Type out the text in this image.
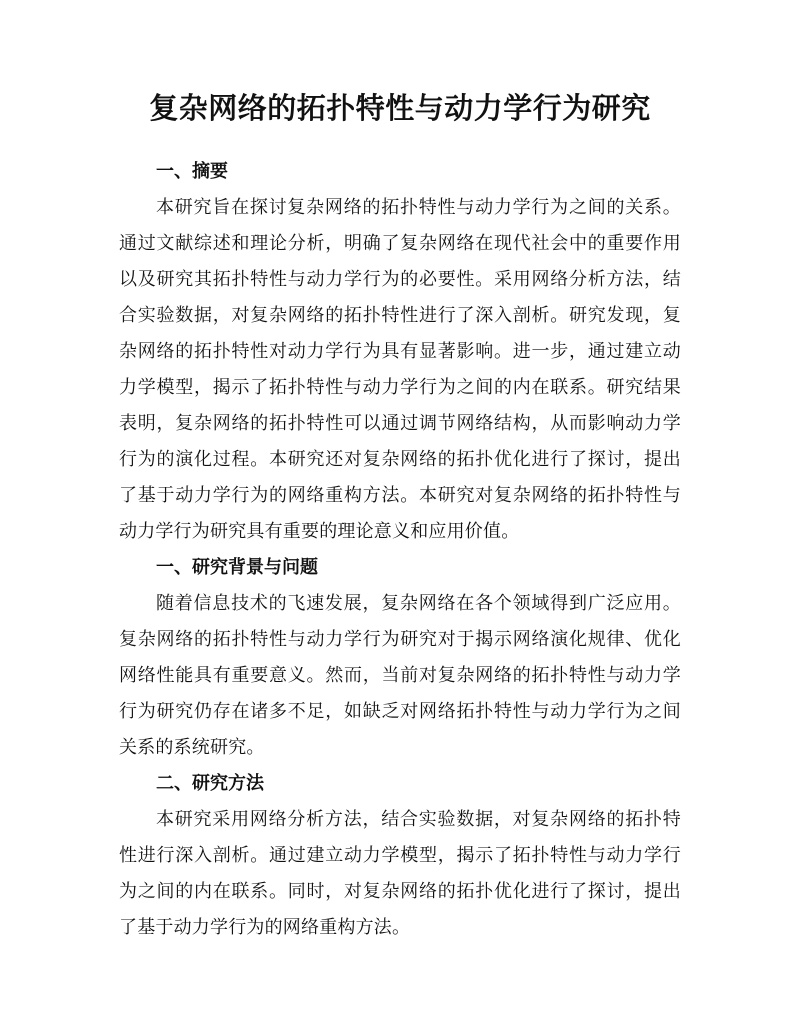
复杂网络的拓扑特性与动力学行为研究

一、摘要

本研究旨在探讨复杂网络的拓扑特性与动力学行为之间的关系。通过文献综述和理论分析，明确了复杂网络在现代社会中的重要作用以及研究其拓扑特性与动力学行为的必要性。采用网络分析方法，结合实验数据，对复杂网络的拓扑特性进行了深入剖析。研究发现，复杂网络的拓扑特性对动力学行为具有显著影响。进一步，通过建立动力学模型，揭示了拓扑特性与动力学行为之间的内在联系。研究结果表明，复杂网络的拓扑特性可以通过调节网络结构，从而影响动力学行为的演化过程。本研究还对复杂网络的拓扑优化进行了探讨，提出了基于动力学行为的网络重构方法。本研究对复杂网络的拓扑特性与动力学行为研究具有重要的理论意义和应用价值。

一、研究背景与问题

随着信息技术的飞速发展，复杂网络在各个领域得到广泛应用。复杂网络的拓扑特性与动力学行为研究对于揭示网络演化规律、优化网络性能具有重要意义。然而，当前对复杂网络的拓扑特性与动力学行为研究仍存在诸多不足，如缺乏对网络拓扑特性与动力学行为之间关系的系统研究。

二、研究方法

本研究采用网络分析方法，结合实验数据，对复杂网络的拓扑特性进行深入剖析。通过建立动力学模型，揭示了拓扑特性与动力学行为之间的内在联系。同时，对复杂网络的拓扑优化进行了探讨，提出了基于动力学行为的网络重构方法。
